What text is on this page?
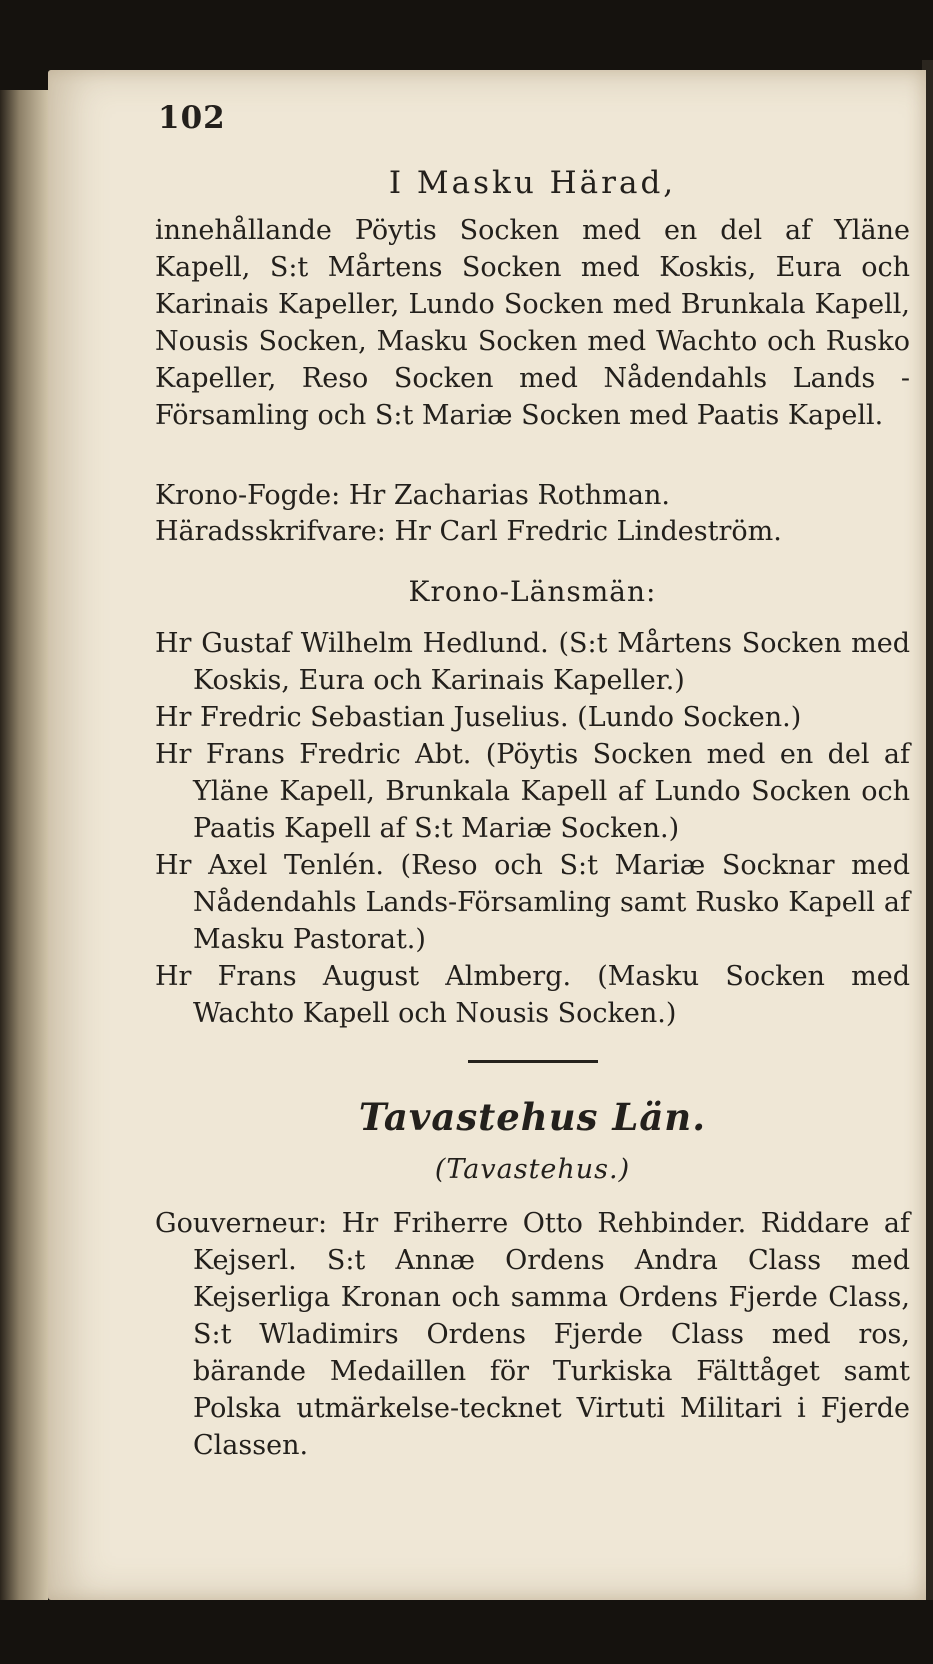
102
I Masku Härad,
innehållande Pöytis Socken med en del af Yläne Kapell, S:t Mårtens Socken med Koskis, Eura och Karinais Kapeller, Lundo Socken med Brunkala Kapell, Nousis Socken, Masku Socken med Wachto och Rusko Kapeller, Reso Socken med Nådendahls Lands - Församling och S:t Mariæ Socken med Paatis Kapell.

Krono-Fogde: Hr Zacharias Rothman.

Häradsskrifvare: Hr Carl Fredric Lindeström.

Krono-Länsmän:

Hr Gustaf Wilhelm Hedlund. (S:t Mårtens Socken med Koskis, Eura och Karinais Kapeller.)

Hr Fredric Sebastian Juselius. (Lundo Socken.)

Hr Frans Fredric Abt. (Pöytis Socken med en del af Yläne Kapell, Brunkala Kapell af Lundo Socken och Paatis Kapell af S:t Mariæ Socken.)

Hr Axel Tenlén. (Reso och S:t Mariæ Socknar med Nådendahls Lands-Församling samt Rusko Kapell af Masku Pastorat.)

Hr Frans August Almberg. (Masku Socken med Wachto Kapell och Nousis Socken.)

Tavastehus Län.
(Tavastehus.)

Gouverneur: Hr Friherre Otto Rehbinder. Riddare af Kejserl. S:t Annæ Ordens Andra Class med Kejserliga Kronan och samma Ordens Fjerde Class, S:t Wladimirs Ordens Fjerde Class med ros, bärande Medaillen för Turkiska Fälttåget samt Polska utmärkelse-tecknet Virtuti Militari i Fjerde Classen.
